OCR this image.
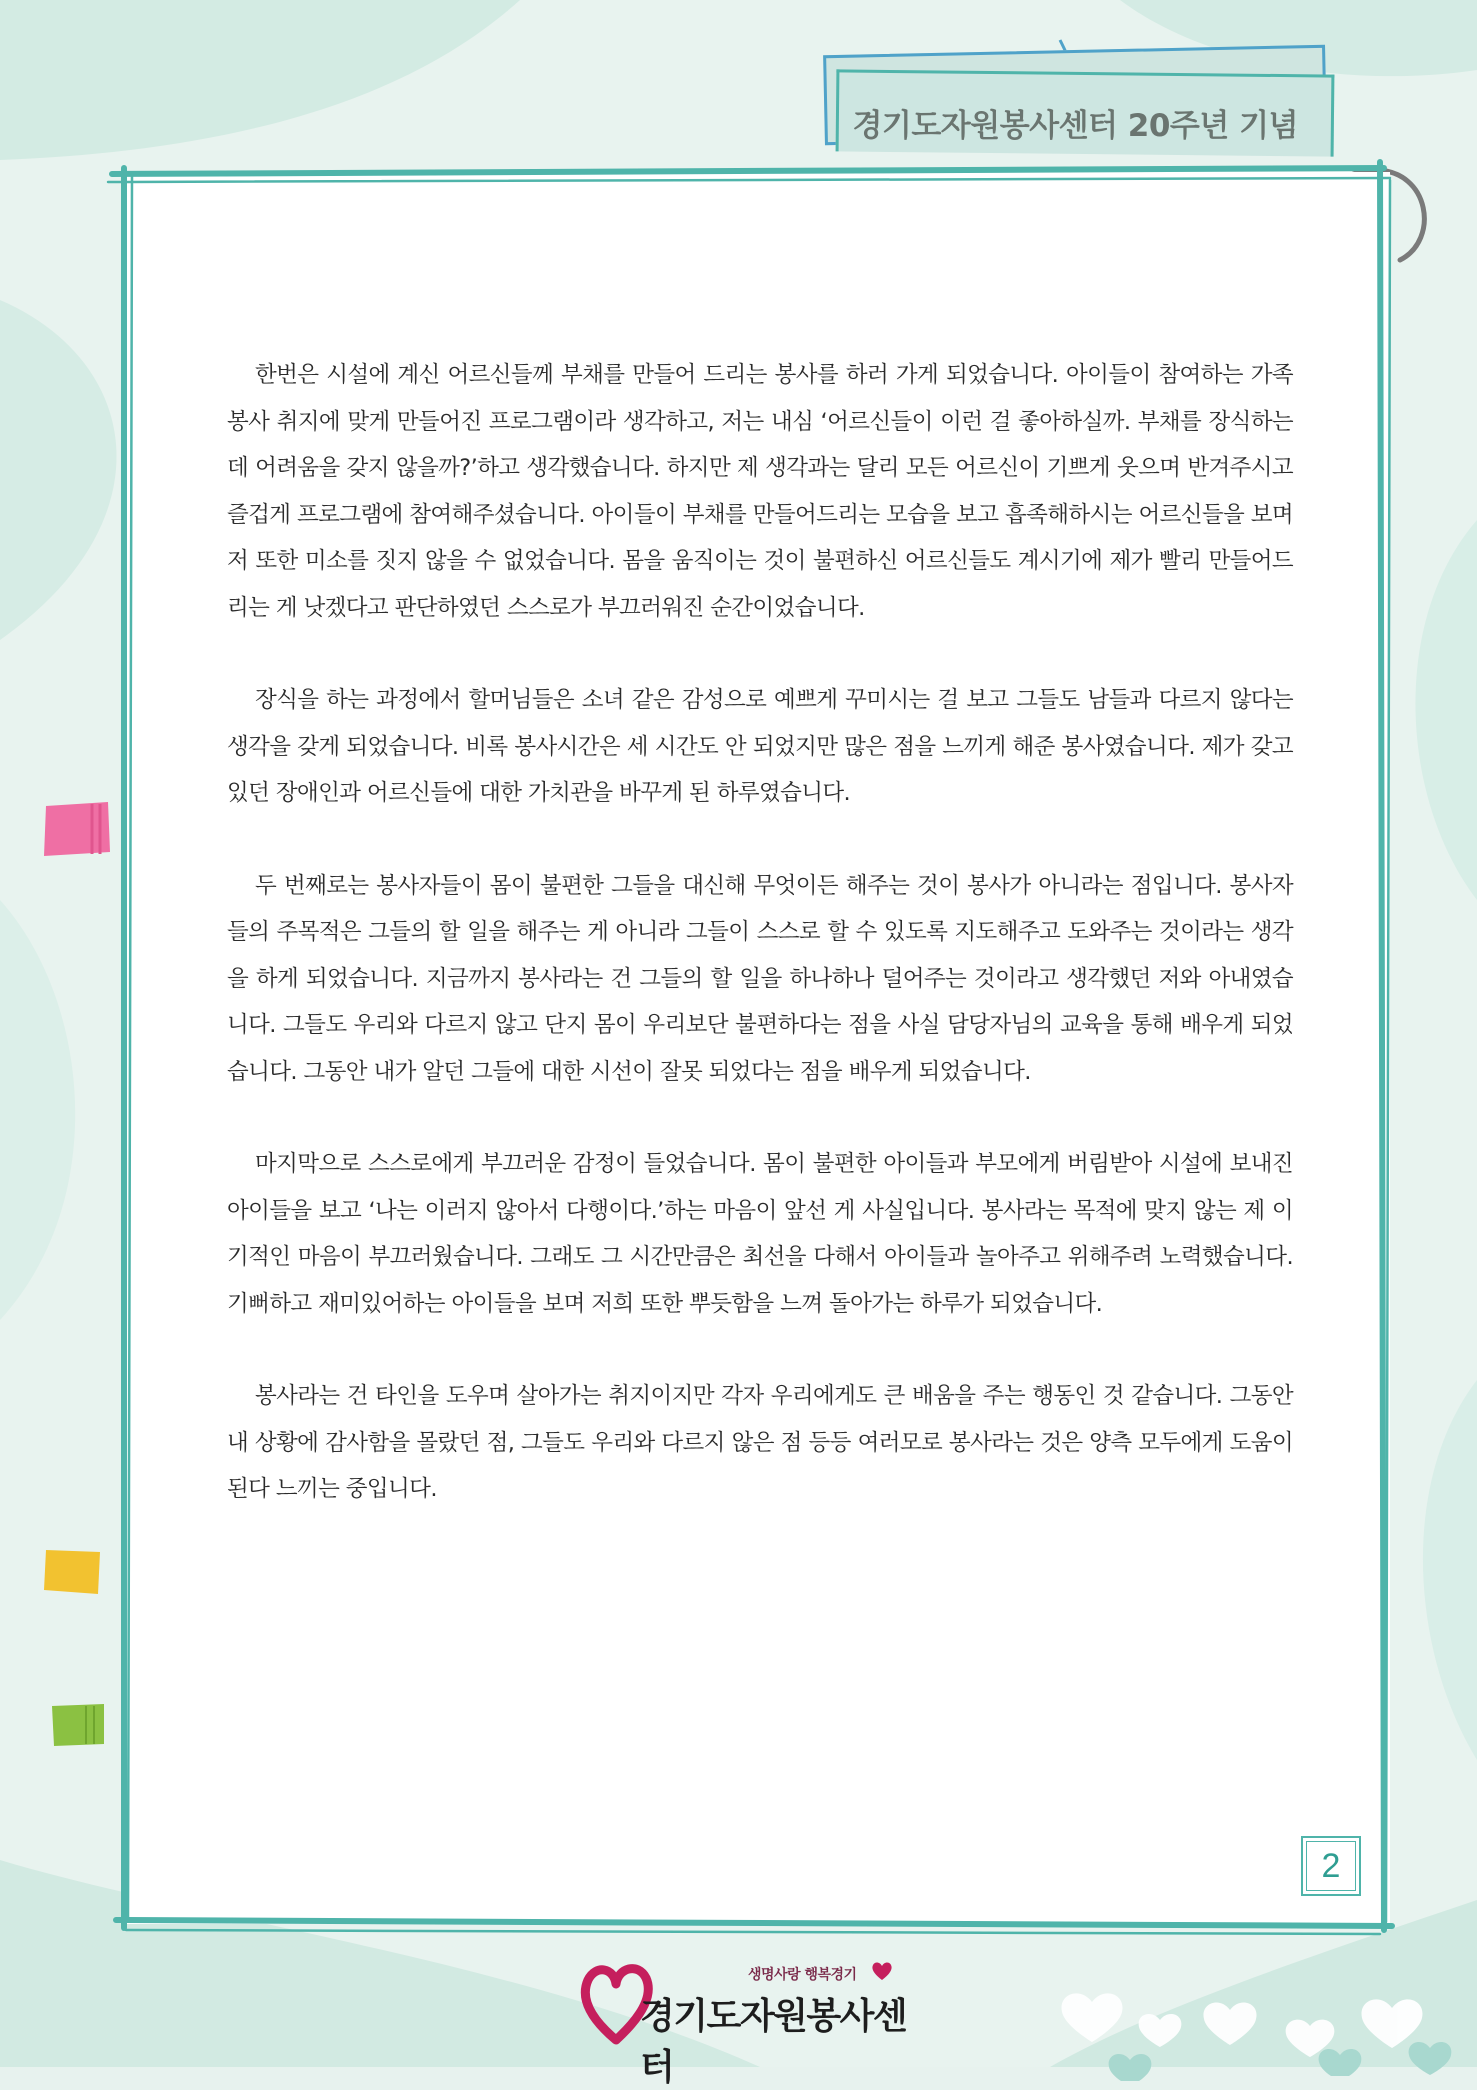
경기도자원봉사센터 20주년 기념

한번은 시설에 계신 어르신들께 부채를 만들어 드리는 봉사를 하러 가게 되었습니다. 아이들이 참여하는 가족봉사 취지에 맞게 만들어진 프로그램이라 생각하고, 저는 내심 ‘어르신들이 이런 걸 좋아하실까. 부채를 장식하는 데 어려움을 갖지 않을까?’하고 생각했습니다. 하지만 제 생각과는 달리 모든 어르신이 기쁘게 웃으며 반겨주시고 즐겁게 프로그램에 참여해주셨습니다. 아이들이 부채를 만들어드리는 모습을 보고 흡족해하시는 어르신들을 보며 저 또한 미소를 짓지 않을 수 없었습니다. 몸을 움직이는 것이 불편하신 어르신들도 계시기에 제가 빨리 만들어드리는 게 낫겠다고 판단하였던 스스로가 부끄러워진 순간이었습니다.

장식을 하는 과정에서 할머님들은 소녀 같은 감성으로 예쁘게 꾸미시는 걸 보고 그들도 남들과 다르지 않다는 생각을 갖게 되었습니다. 비록 봉사시간은 세 시간도 안 되었지만 많은 점을 느끼게 해준 봉사였습니다. 제가 갖고 있던 장애인과 어르신들에 대한 가치관을 바꾸게 된 하루였습니다.

두 번째로는 봉사자들이 몸이 불편한 그들을 대신해 무엇이든 해주는 것이 봉사가 아니라는 점입니다. 봉사자들의 주목적은 그들의 할 일을 해주는 게 아니라 그들이 스스로 할 수 있도록 지도해주고 도와주는 것이라는 생각을 하게 되었습니다. 지금까지 봉사라는 건 그들의 할 일을 하나하나 덜어주는 것이라고 생각했던 저와 아내였습니다. 그들도 우리와 다르지 않고 단지 몸이 우리보단 불편하다는 점을 사실 담당자님의 교육을 통해 배우게 되었습니다. 그동안 내가 알던 그들에 대한 시선이 잘못 되었다는 점을 배우게 되었습니다.

마지막으로 스스로에게 부끄러운 감정이 들었습니다. 몸이 불편한 아이들과 부모에게 버림받아 시설에 보내진 아이들을 보고 ‘나는 이러지 않아서 다행이다.’하는 마음이 앞선 게 사실입니다. 봉사라는 목적에 맞지 않는 제 이기적인 마음이 부끄러웠습니다. 그래도 그 시간만큼은 최선을 다해서 아이들과 놀아주고 위해주려 노력했습니다. 기뻐하고 재미있어하는 아이들을 보며 저희 또한 뿌듯함을 느껴 돌아가는 하루가 되었습니다.

봉사라는 건 타인을 도우며 살아가는 취지이지만 각자 우리에게도 큰 배움을 주는 행동인 것 같습니다. 그동안 내 상황에 감사함을 몰랐던 점, 그들도 우리와 다르지 않은 점 등등 여러모로 봉사라는 것은 양측 모두에게 도움이 된다 느끼는 중입니다.

2
생명사랑 행복경기
경기도자원봉사센터
